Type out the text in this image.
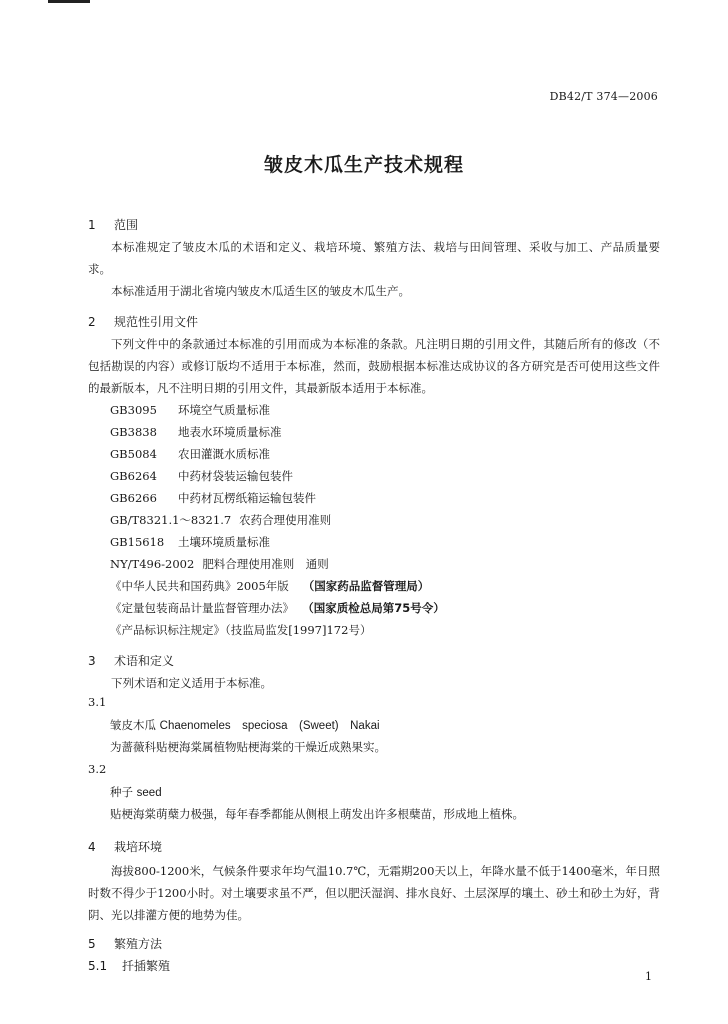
DB42/T 374—2006
皱皮木瓜生产技术规程
1 范围
本标准规定了皱皮木瓜的术语和定义、栽培环境、繁殖方法、栽培与田间管理、采收与加工、产品质量要求。
本标准适用于湖北省境内皱皮木瓜适生区的皱皮木瓜生产。
2 规范性引用文件
下列文件中的条款通过本标准的引用而成为本标准的条款。凡注明日期的引用文件，其随后所有的修改（不包括勘误的内容）或修订版均不适用于本标准，然而，鼓励根据本标准达成协议的各方研究是否可使用这些文件的最新版本，凡不注明日期的引用文件，其最新版本适用于本标准。
GB3095 环境空气质量标准
GB3838 地表水环境质量标准
GB5084 农田灌溉水质标准
GB6264 中药材袋装运输包装件
GB6266 中药材瓦楞纸箱运输包装件
GB/T8321.1～8321.7 农药合理使用准则
GB15618 土壤环境质量标准
NY/T496-2002 肥料合理使用准则　通则
《中华人民共和国药典》2005年版 （国家药品监督管理局）
《定量包装商品计量监督管理办法》 （国家质检总局第75号令）
《产品标识标注规定》（技监局监发[1997]172号）
3 术语和定义
下列术语和定义适用于本标准。
3.1
皱皮木瓜 Chaenomeles　speciosa　(Sweet)　Nakai
为蔷薇科贴梗海棠属植物贴梗海棠的干燥近成熟果实。
3.2
种子 seed
贴梗海棠萌蘖力极强，每年春季都能从侧根上萌发出许多根蘖苗，形成地上植株。
4 栽培环境
海拔800-1200米，气候条件要求年均气温10.7℃，无霜期200天以上，年降水量不低于1400毫米，年日照时数不得少于1200小时。对土壤要求虽不严，但以肥沃湿润、排水良好、土层深厚的壤土、砂土和砂土为好，背阴、光以排灌方便的地势为佳。
5 繁殖方法
5.1 扦插繁殖
1
